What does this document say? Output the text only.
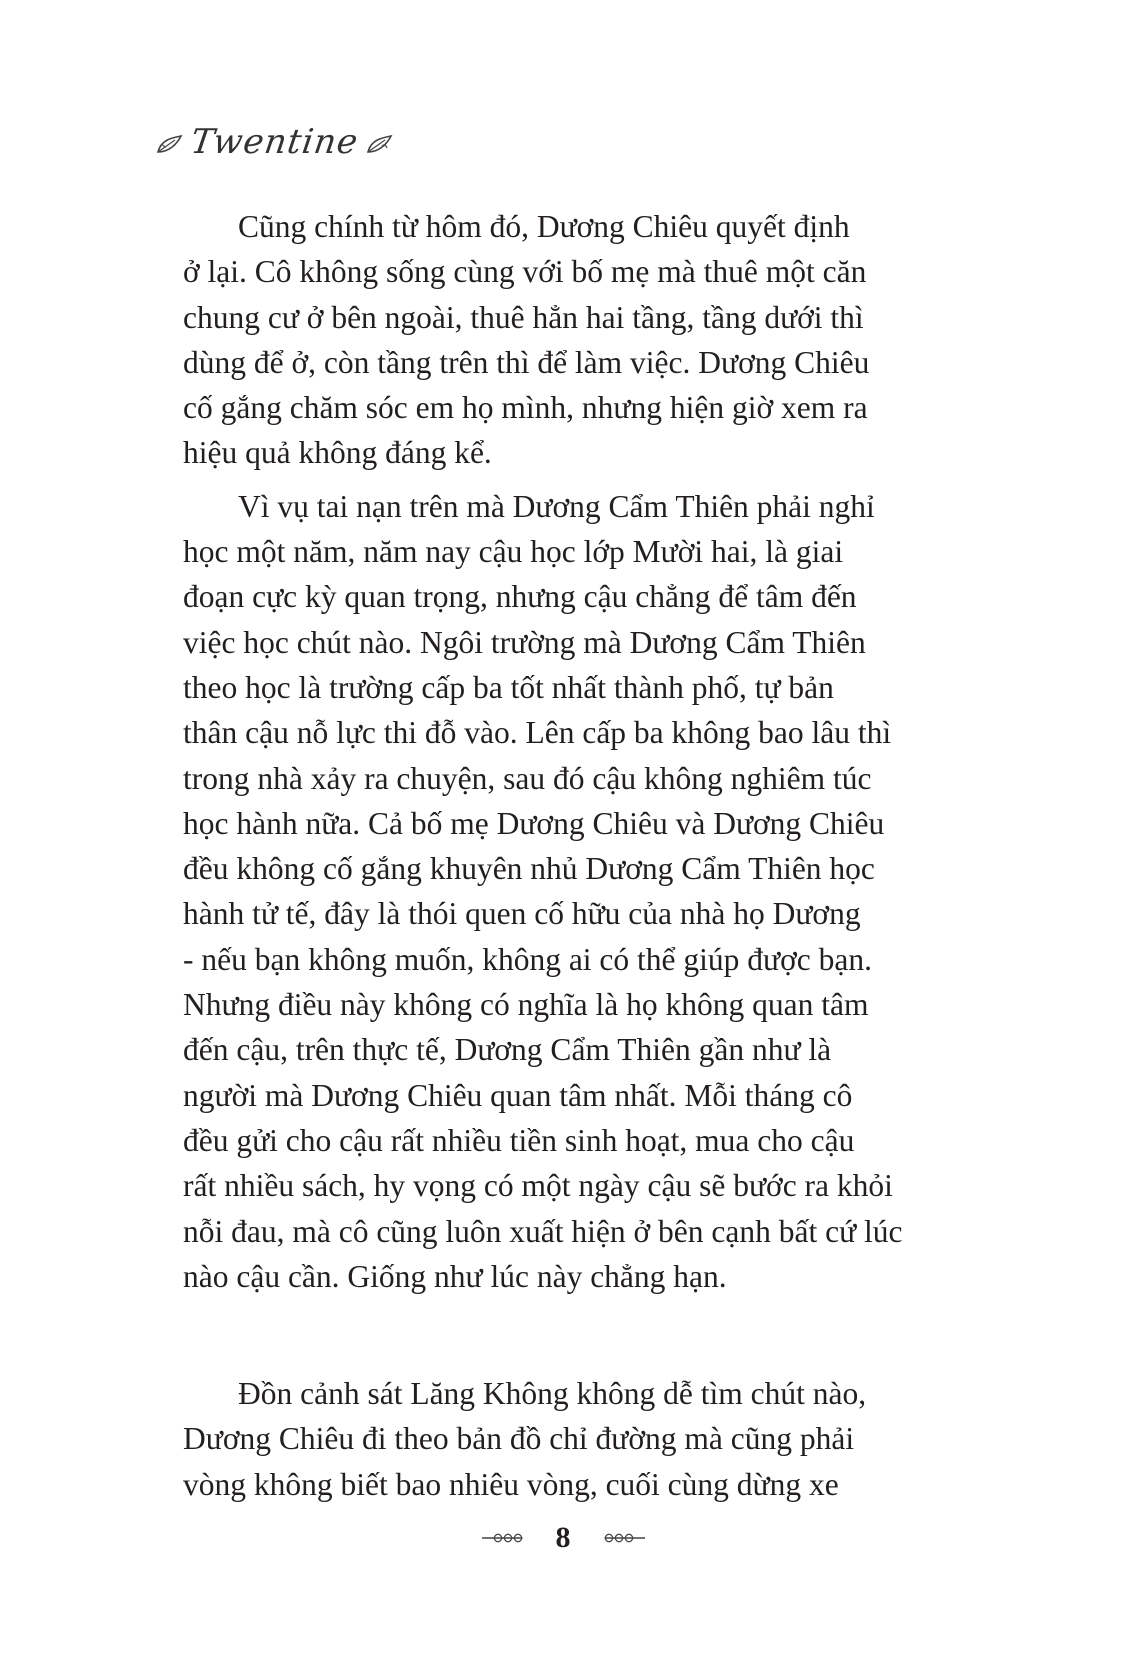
Twentine

Cũng chính từ hôm đó, Dương Chiêu quyết định

ở lại. Cô không sống cùng với bố mẹ mà thuê một căn

chung cư ở bên ngoài, thuê hẳn hai tầng, tầng dưới thì

dùng để ở, còn tầng trên thì để làm việc. Dương Chiêu

cố gắng chăm sóc em họ mình, nhưng hiện giờ xem ra

hiệu quả không đáng kể.

Vì vụ tai nạn trên mà Dương Cẩm Thiên phải nghỉ

học một năm, năm nay cậu học lớp Mười hai, là giai

đoạn cực kỳ quan trọng, nhưng cậu chẳng để tâm đến

việc học chút nào. Ngôi trường mà Dương Cẩm Thiên

theo học là trường cấp ba tốt nhất thành phố, tự bản

thân cậu nỗ lực thi đỗ vào. Lên cấp ba không bao lâu thì

trong nhà xảy ra chuyện, sau đó cậu không nghiêm túc

học hành nữa. Cả bố mẹ Dương Chiêu và Dương Chiêu

đều không cố gắng khuyên nhủ Dương Cẩm Thiên học

hành tử tế, đây là thói quen cố hữu của nhà họ Dương

- nếu bạn không muốn, không ai có thể giúp được bạn.

Nhưng điều này không có nghĩa là họ không quan tâm

đến cậu, trên thực tế, Dương Cẩm Thiên gần như là

người mà Dương Chiêu quan tâm nhất. Mỗi tháng cô

đều gửi cho cậu rất nhiều tiền sinh hoạt, mua cho cậu

rất nhiều sách, hy vọng có một ngày cậu sẽ bước ra khỏi

nỗi đau, mà cô cũng luôn xuất hiện ở bên cạnh bất cứ lúc

nào cậu cần. Giống như lúc này chẳng hạn.

Đồn cảnh sát Lăng Không không dễ tìm chút nào,

Dương Chiêu đi theo bản đồ chỉ đường mà cũng phải

vòng không biết bao nhiêu vòng, cuối cùng dừng xe

8
